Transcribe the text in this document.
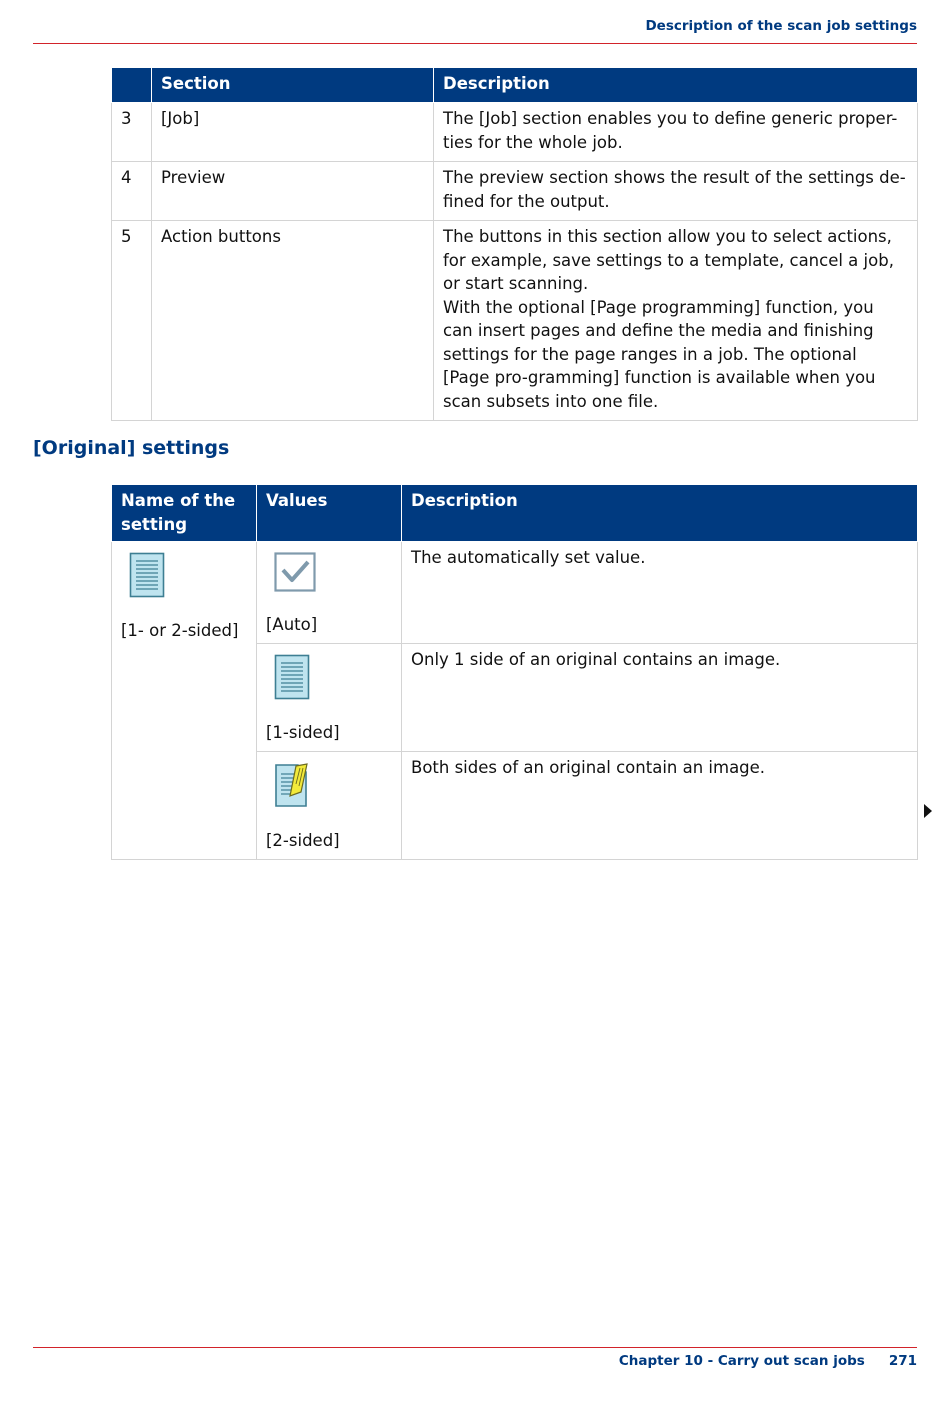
Description of the scan job settings
	Section	Description
3	[Job]	The [Job] section enables you to define generic proper-ties for the whole job.
4	Preview	The preview section shows the result of the settings de-fined for the output.
5	Action buttons	The buttons in this section allow you to select actions, for example, save settings to a template, cancel a job, or start scanning.
With the optional [Page programming] function, you can insert pages and define the media and finishing settings for the page ranges in a job. The optional [Page pro-gramming] function is available when you scan subsets into one file.
[Original] settings
Name of the setting	Values	Description

[1- or 2-sided]	[Auto]	The automatically set value.

[1-sided]	Only 1 side of an original contains an image.

[2-sided]	Both sides of an original contain an image.
Chapter 10 - Carry out scan jobs 271
